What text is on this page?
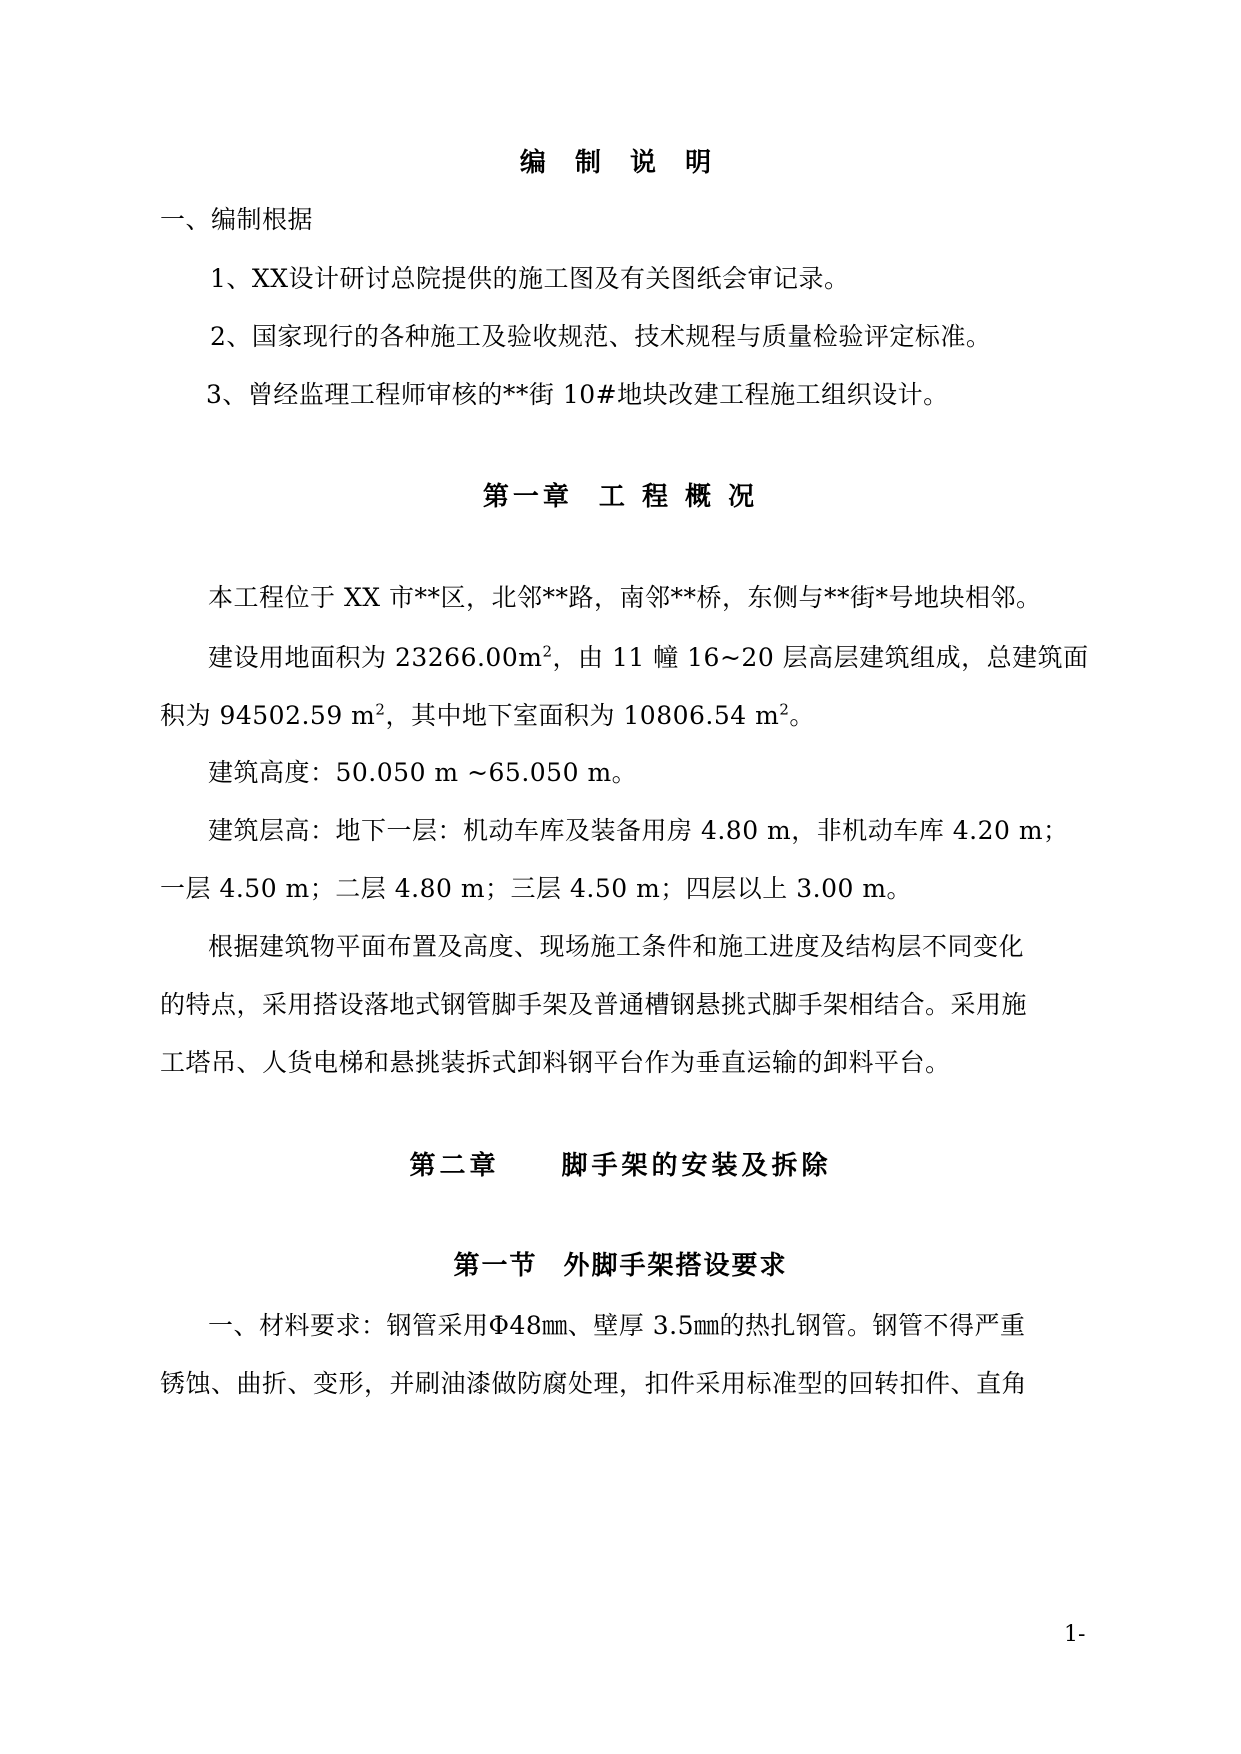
编 制 说 明
一、编制根据
1、XX设计研讨总院提供的施工图及有关图纸会审记录。
2、国家现行的各种施工及验收规范、技术规程与质量检验评定标准。
3、曾经监理工程师审核的**街 10#地块改建工程施工组织设计。
第一章 工 程 概 况
本工程位于 XX 市**区，北邻**路，南邻**桥，东侧与**街*号地块相邻。
建设用地面积为 $23266.00m^2$，由 11 幢 16~20 层高层建筑组成，总建筑面
积为 94502.59 $m^2$，其中地下室面积为 10806.54 $m^2$。
建筑高度：50.050 m ~65.050 m。
建筑层高：地下一层：机动车库及装备用房 4.80 m，非机动车库 4.20 m；
一层 4.50 m；二层 4.80 m；三层 4.50 m；四层以上 3.00 m。
根据建筑物平面布置及高度、现场施工条件和施工进度及结构层不同变化
的特点，采用搭设落地式钢管脚手架及普通槽钢悬挑式脚手架相结合。采用施
工塔吊、人货电梯和悬挑装拆式卸料钢平台作为垂直运输的卸料平台。
第二章 脚手架的安装及拆除
第一节 外脚手架搭设要求
一、材料要求：钢管采用Φ48㎜、壁厚 3.5㎜的热扎钢管。钢管不得严重
锈蚀、曲折、变形，并刷油漆做防腐处理，扣件采用标准型的回转扣件、直角
1-
